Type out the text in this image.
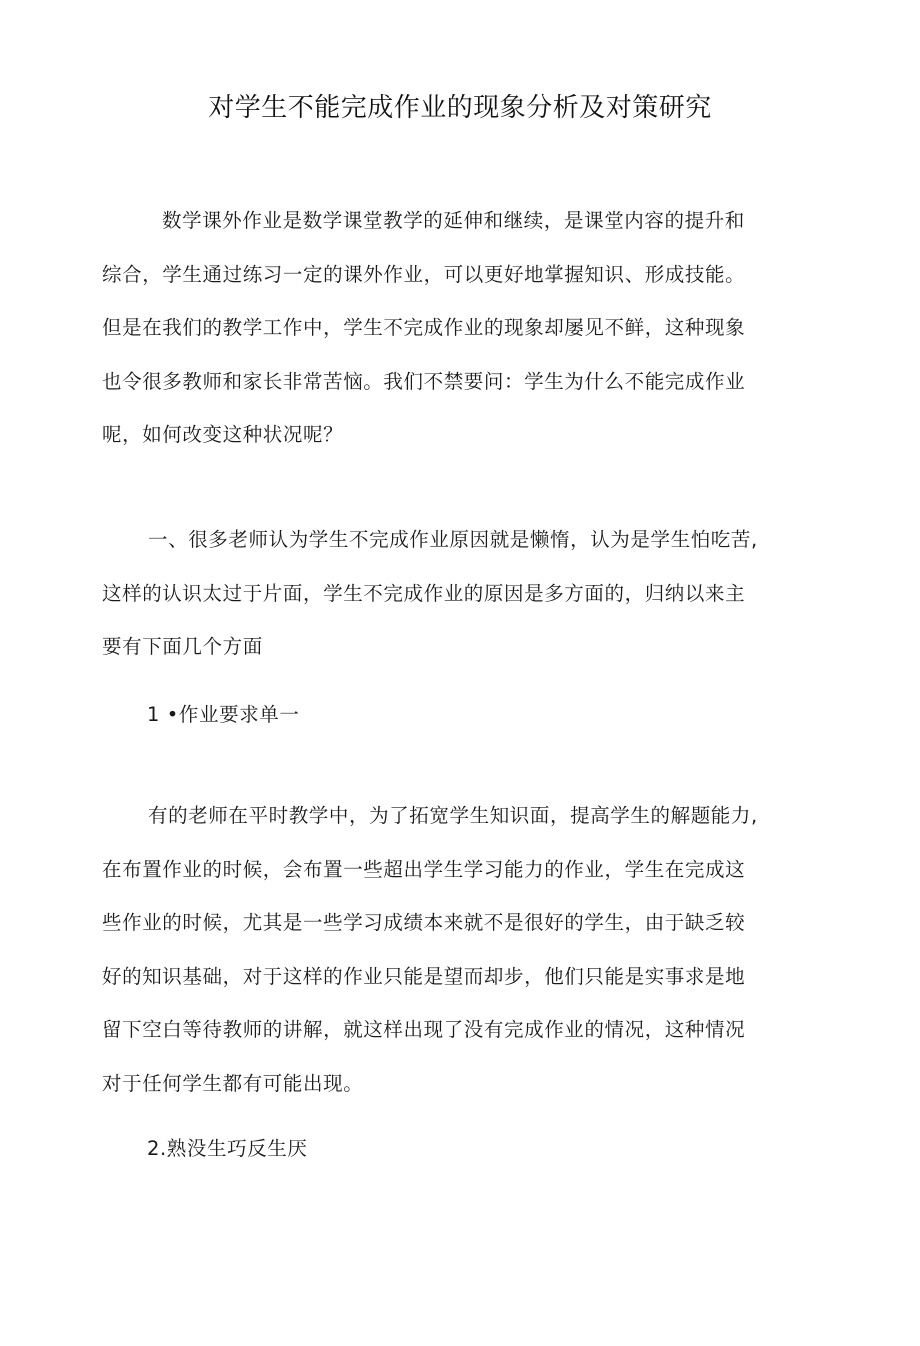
对学生不能完成作业的现象分析及对策研究
数学课外作业是数学课堂教学的延伸和继续，是课堂内容的提升和
综合，学生通过练习一定的课外作业，可以更好地掌握知识、形成技能。
但是在我们的教学工作中，学生不完成作业的现象却屡见不鲜，这种现象
也令很多教师和家长非常苦恼。我们不禁要问：学生为什么不能完成作业
呢，如何改变这种状况呢？
一、很多老师认为学生不完成作业原因就是懒惰，认为是学生怕吃苦,
这样的认识太过于片面，学生不完成作业的原因是多方面的，归纳以来主
要有下面几个方面
1 •作业要求单一
有的老师在平时教学中，为了拓宽学生知识面，提高学生的解题能力,
在布置作业的时候，会布置一些超出学生学习能力的作业，学生在完成这
些作业的时候，尤其是一些学习成绩本来就不是很好的学生，由于缺乏较
好的知识基础，对于这样的作业只能是望而却步，他们只能是实事求是地
留下空白等待教师的讲解，就这样出现了没有完成作业的情况，这种情况
对于任何学生都有可能出现。
2.熟没生巧反生厌
